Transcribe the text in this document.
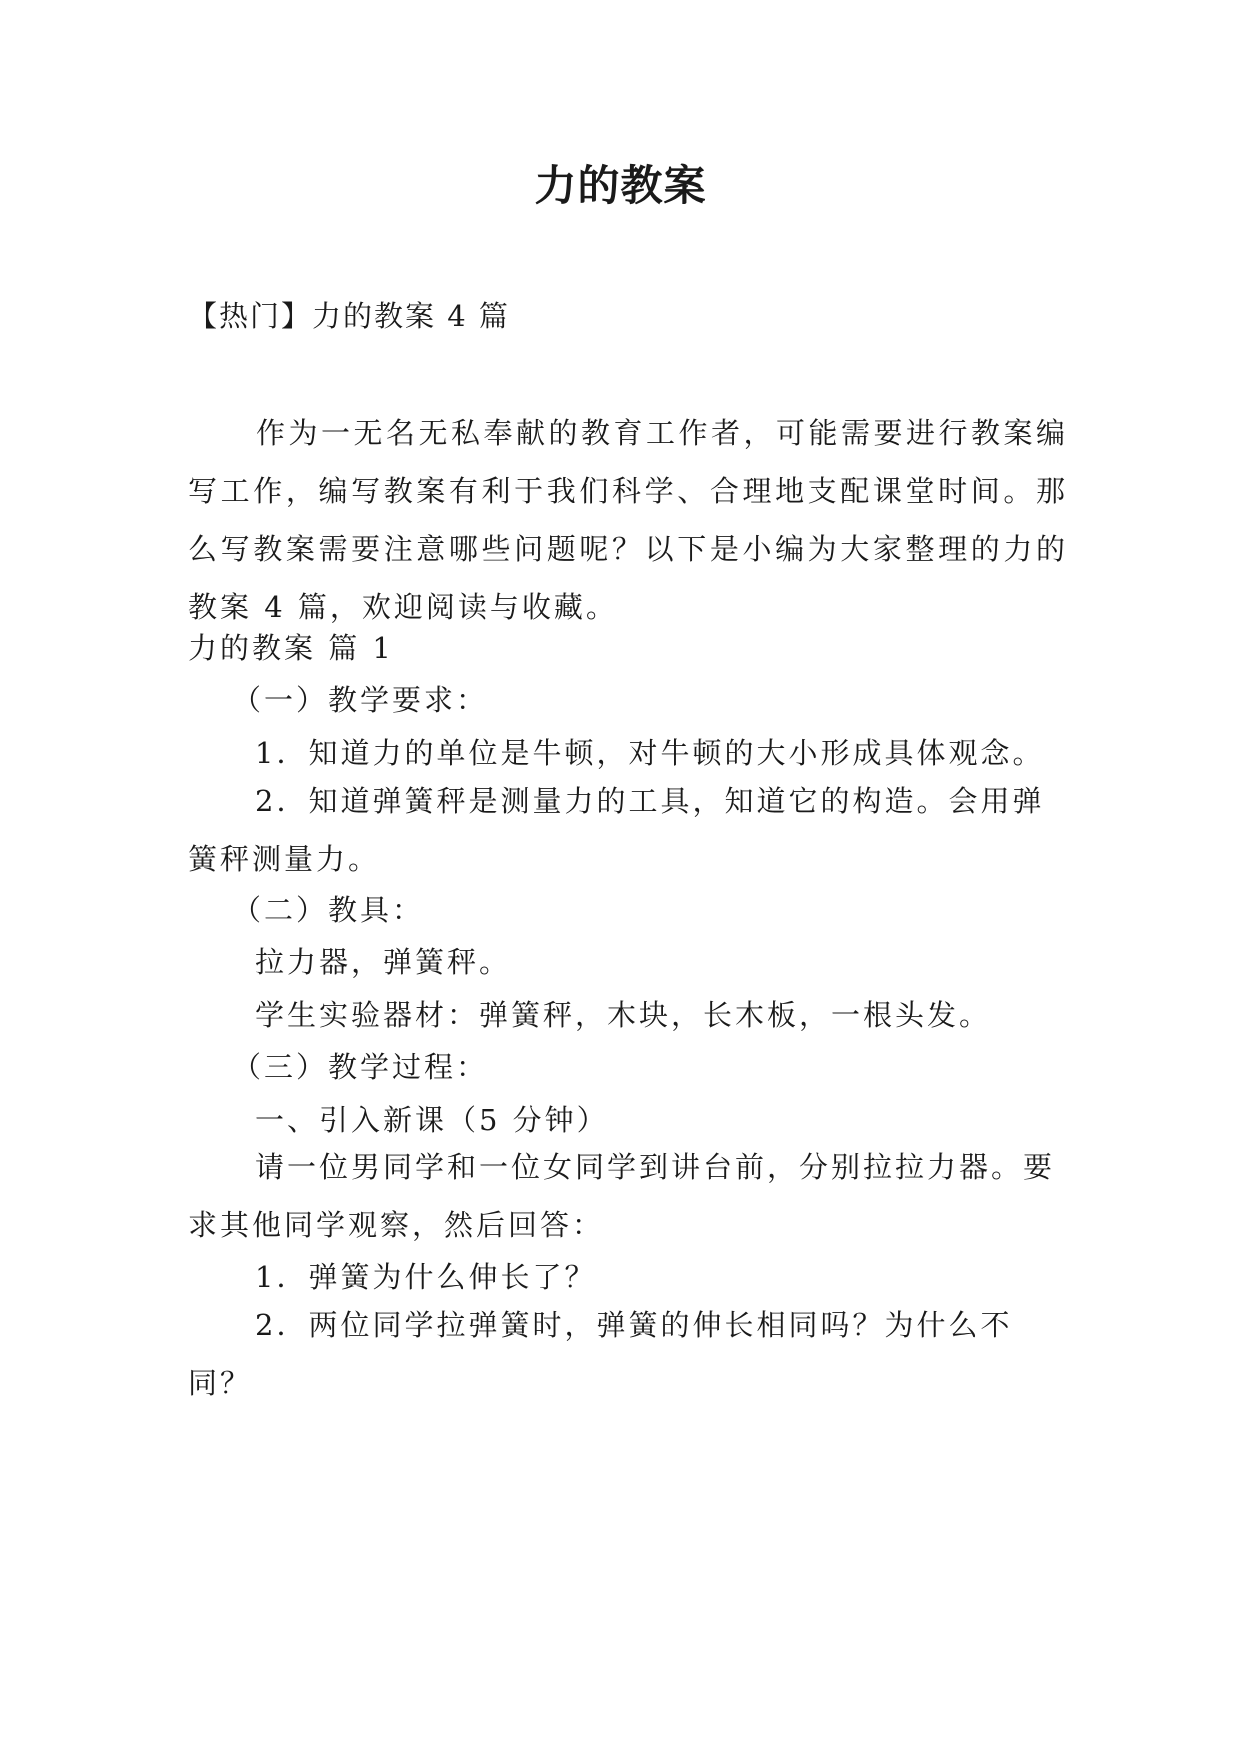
力的教案
【热门】力的教案 4 篇
作为一无名无私奉献的教育工作者，可能需要进行教案编写工作，编写教案有利于我们科学、合理地支配课堂时间。那么写教案需要注意哪些问题呢？以下是小编为大家整理的力的教案 4 篇，欢迎阅读与收藏。
力的教案 篇 1
（一）教学要求：
1．知道力的单位是牛顿，对牛顿的大小形成具体观念。
2．知道弹簧秤是测量力的工具，知道它的构造。会用弹簧秤测量力。
（二）教具：
拉力器，弹簧秤。
学生实验器材：弹簧秤，木块，长木板，一根头发。
（三）教学过程：
一、引入新课（5 分钟）
请一位男同学和一位女同学到讲台前，分别拉拉力器。要求其他同学观察，然后回答：
1．弹簧为什么伸长了？
2．两位同学拉弹簧时，弹簧的伸长相同吗？为什么不同？
